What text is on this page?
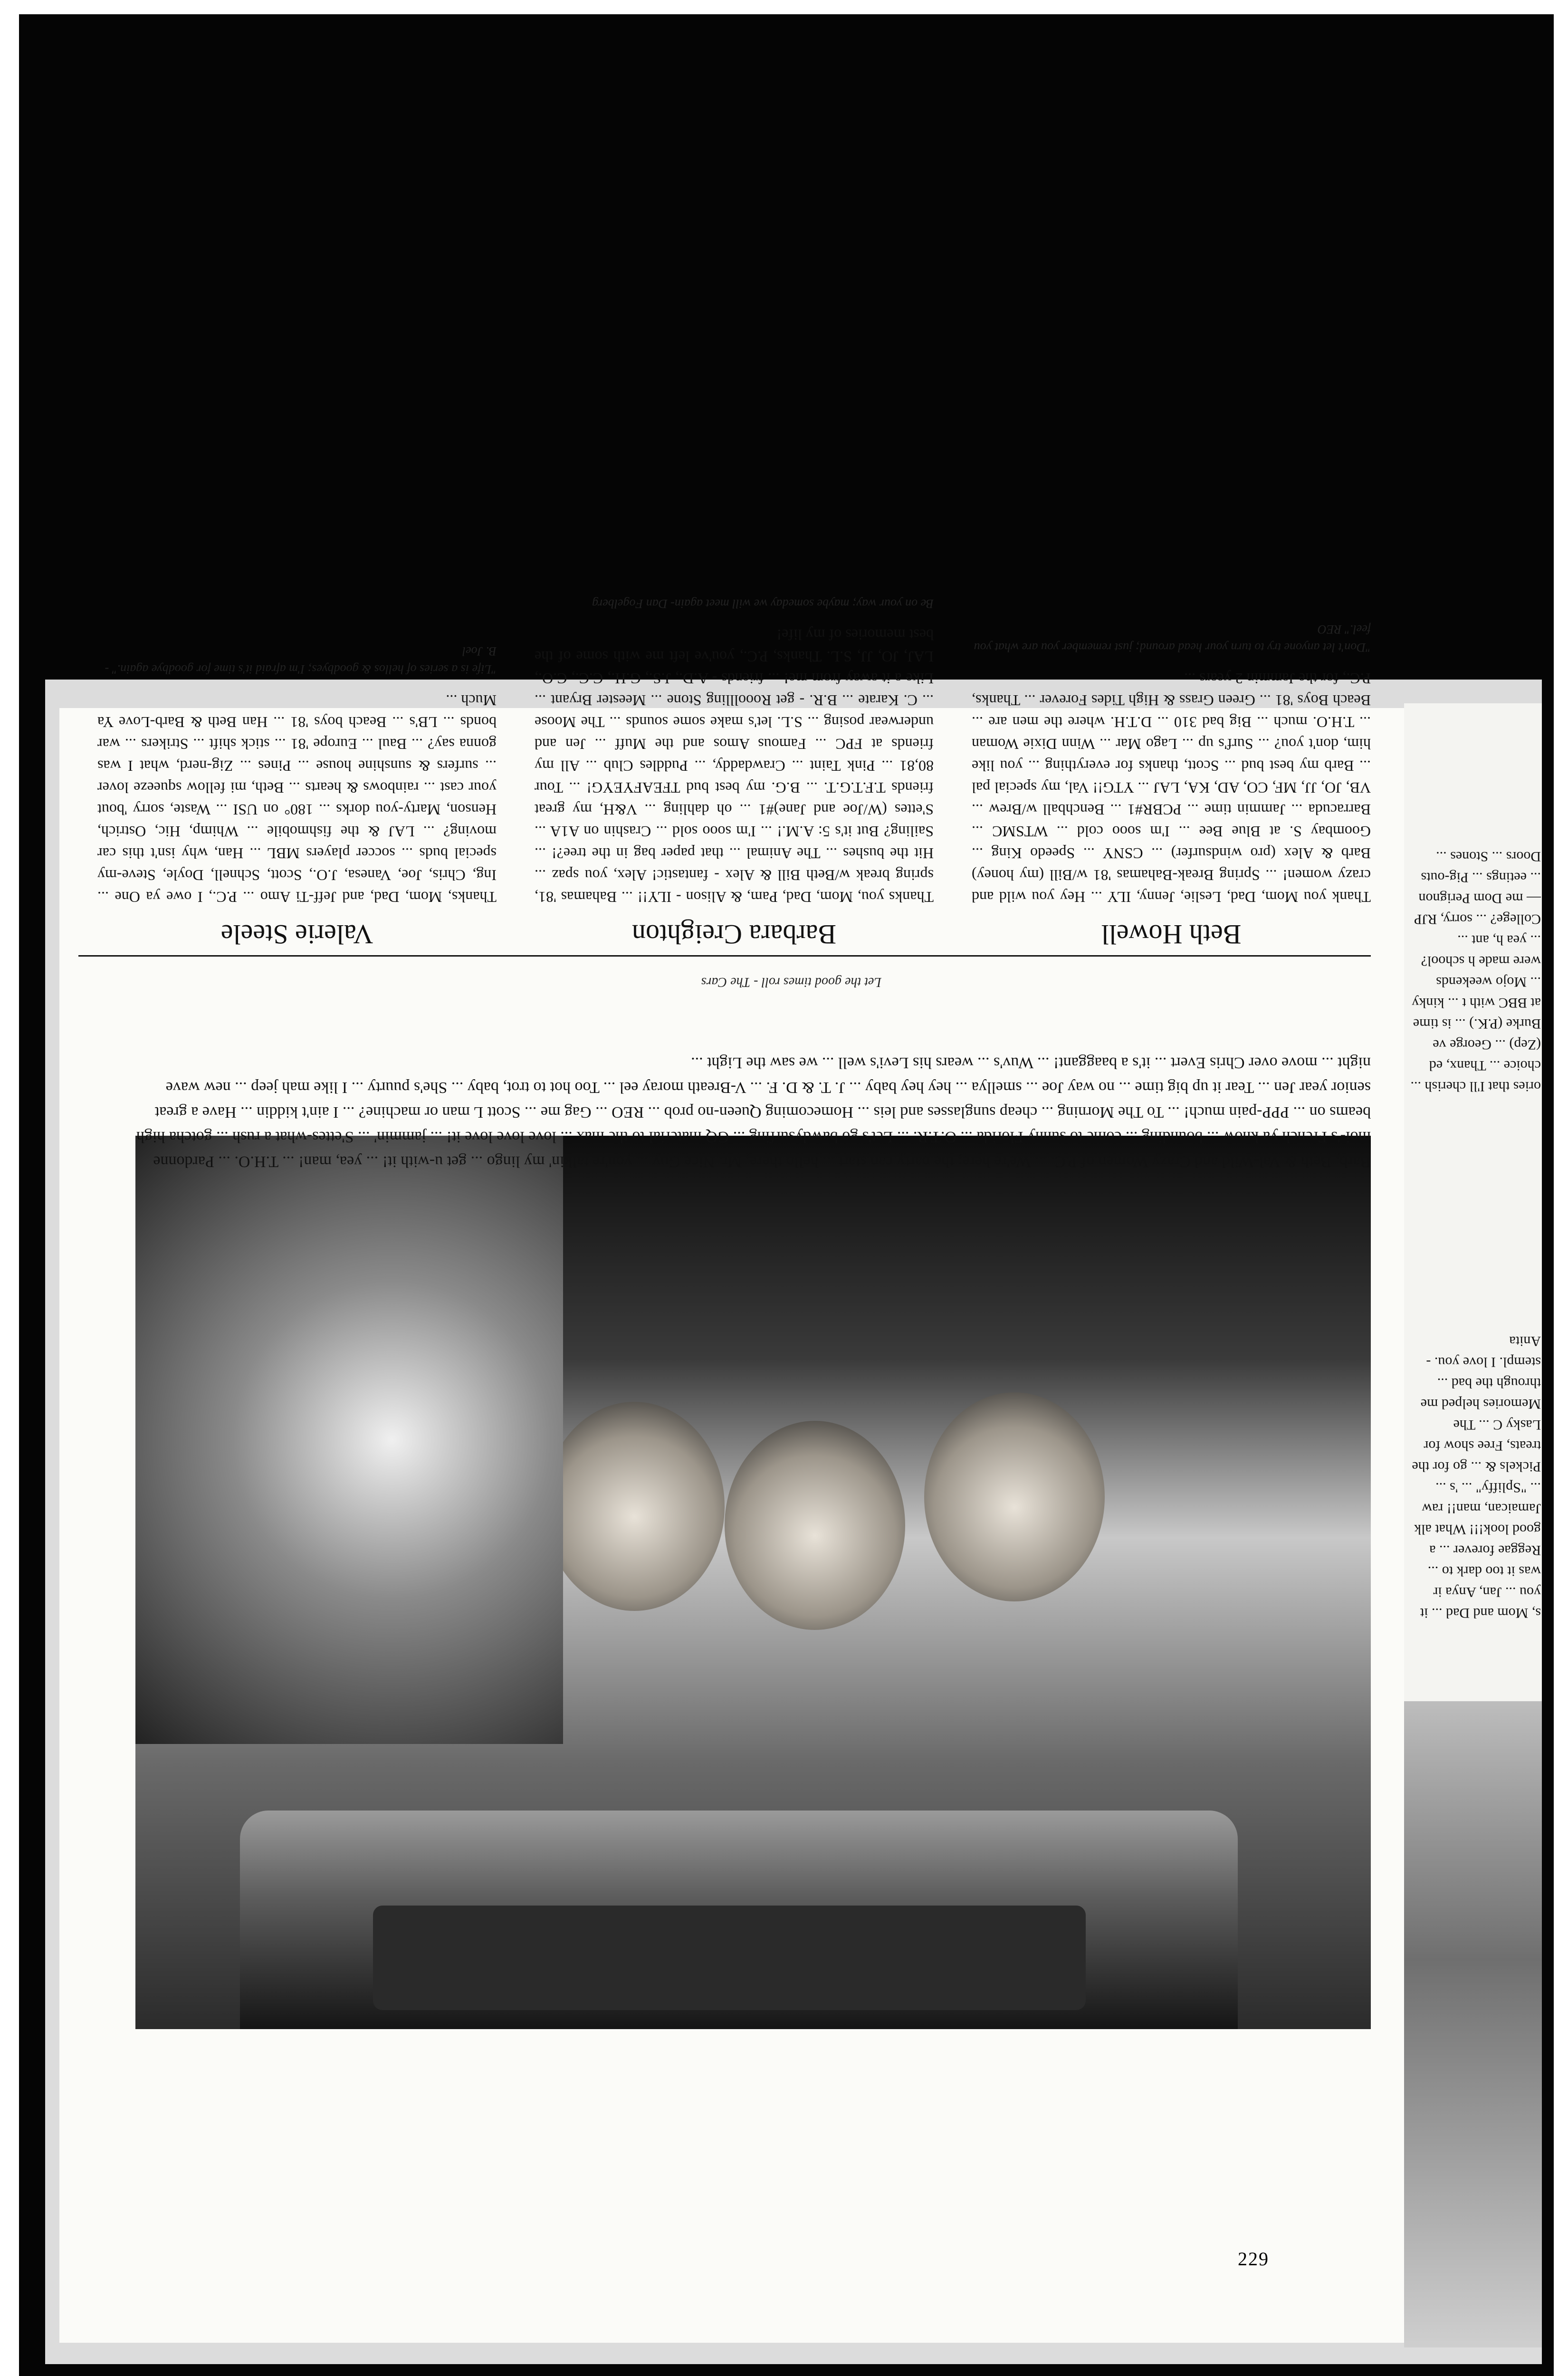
229
Barb, Beth & Val-Wild and Crazy Women of P.C. ... We're here; the party can start ... hello there, Mr. Nice Guy ... you're talkin' my lingo ... get u-with it! ... yea, man! ... T.H.O. ... Pardonne moi-'s French ya know ... bounding ... come to sunny Florida ... O.T.R. ... Let's go bawdysurfing ... GQ material to the max ... love love love it! ... jammin' ... S'ettes-what a rush ... gotcha high beams on ... PPP-pain much! ... To The Morning ... cheap sunglasses and leis ... Homecoming Queen-no prob ... REO ... Gag me ... Scott L man or machine? ... I ain't kiddin ... Have a great senior year Jen ... Tear it up big time ... no way Joe ... smellya ... hey hey baby ... J. T. & D. F. ... V-Breath moray eel ... Too hot to trot, baby ... She's puurty ... I like mah jeep ... new wave night ... move over Chris Evert ... it's a baaggant! ... Wuv's ... wears his Levi's well ... we saw the Light ...
Let the good times roll - The Cars
Beth Howell
Thank you Mom, Dad, Leslie, Jenny, ILY ... Hey you wild and crazy women! ... Spring Break-Bahamas '81 w/Bill (my honey) Barb & Alex (pro windsurfer) ... CSNY ... Speedo King ... Goombay S. at Blue Bee ... I'm sooo cold ... WTSMC ... Barracuda ... Jammin time ... PCBR#1 ... Benchball w/Brew ... VB, JO, JJ, MF, CO, AD, KA, LAJ ... YTG!! Val, my special pal ... Barb my best bud ... Scott, thanks for everything ... you like him, don't you? ... Surf's up ... Lago Mar ... Winn Dixie Woman ... T.H.O. much ... Big bad 310 ... D.T.H. where the men are ... Beach Boys '81 ... Green Grass & High Tides Forever ... Thanks, P.C., for the Jammin 2 years ...
"Don't let anyone try to turn your head around; just remember you are what you feel." REO
Barbara Creighton
Thanks you, Mom, Dad, Pam, & Alison - ILY!! ... Bahamas '81, spring break w/Beth Bill & Alex - fantastic! Alex, you spaz ... Hit the bushes ... The Animal ... that paper bag in the tree?! ... Sailing? But it's 5: A.M.! ... I'm sooo sold ... Crashin on A1A ... S'ettes (W/Joe and Jane)#1 ... oh dahling ... V&H, my great friends T.F.T.G.T. ... B.G. my best bud TFEAFYEYG! ... Tour 80,81 ... Pink Taint ... Crawdaddy, ... Puddles Club ... All my friends at FPC ... Famous Amos and the Muff ... Jen and underwear posing ... S.L. let's make some sounds ... The Moose ... C. Karate ... B.R. - get Rooollling Stone ... Meester Bryant ... Like a it away from me! ... friends - A.D., J.S., G.H., C.C., C.O., LAJ, JO, JJ, S.L. Thanks, P.C., you've left me with some of the best memories of my life!
Be on your way; maybe someday we will meet again- Dan Fogelberg
Valerie Steele
Thanks, Mom, Dad, and Jeff-Ti Amo ... P.C., I owe ya One ... Ing, Chris, Joe, Vanesa, J.O., Scott, Schnell, Doyle, Steve-my special buds ... soccer players MBL ... Han, why isn't this car moving? ... LAJ & the fishmobile ... Whimp, Hic, Ostrich, Henson, Marty-you dorks ... 180° on USI ... Waste, sorry 'bout your cast ... rainbows & hearts ... Beth, mi fellow squeeze lover ... surfers & sunshine house ... Pines ... Zig-nerd, what I was gonna say? ... Baul ... Europe '81 ... stick shift ... Strikers ... war bonds ... LB's ... Beach boys '81 ... Han Beth & Barb-Love Ya Much ...
"Life is a series of hellos & goodbyes; I'm afraid it's time for goodbye again." -B. Joel
ories that I'll cherish ... choice ... Thanx, ed (Zep) ... George ve Burke (P.K.) ... is time at BBC with t ... kinky ... Mojo weekends were made h school? ... yea h, ant ... College? ... sorry, RJP — me Dom Perignon ... eetings ... Pig-outs Doors ... Stones ...
s, Mom and Dad ... it you ... Jan, Anya ir was it too dark to ... Reggae forever ... a good look!!! What alk Jamaican, man!! raw ... "Spliffy" ... 's ... Pickels & ... go for the treats, Free show for Lasky C ... The Memories helped me through the bad ... stempl. I love you. - Anita
